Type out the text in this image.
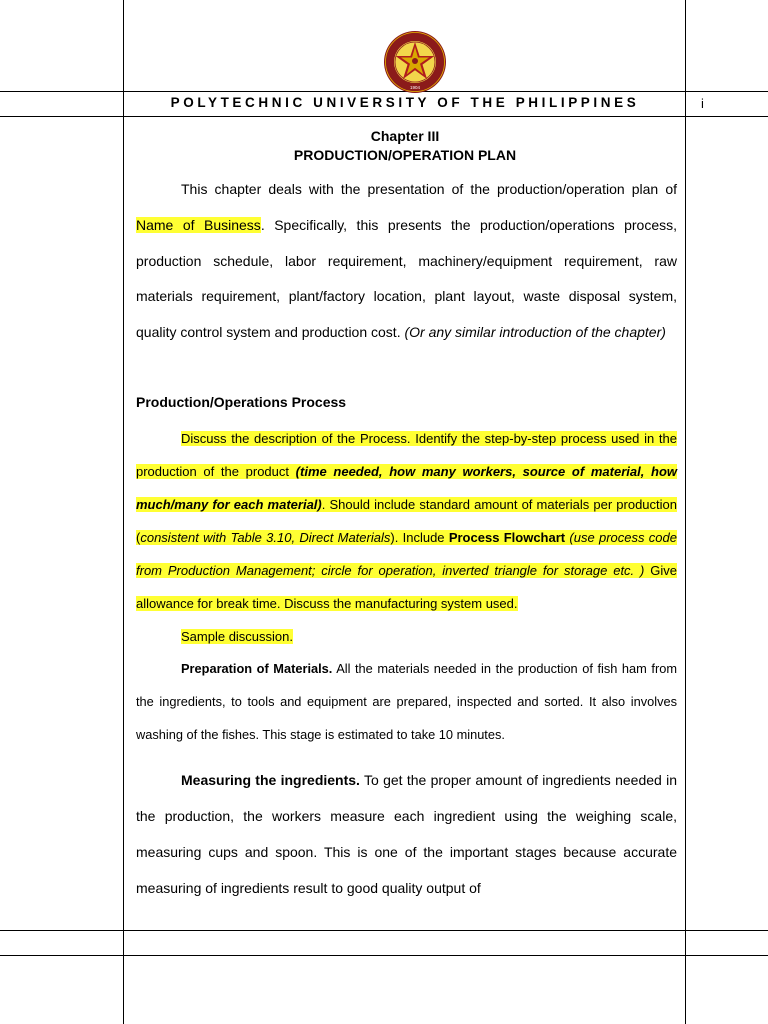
1904
POLYTECHNIC UNIVERSITY OF THE PHILIPPINES	i
Chapter III
PRODUCTION/OPERATION PLAN

This chapter deals with the presentation of the production/operation plan of Name of Business. Specifically, this presents the production/operations process, production schedule, labor requirement, machinery/equipment requirement, raw materials requirement, plant/factory location, plant layout, waste disposal system, quality control system and production cost. (Or any similar introduction of the chapter)

Production/Operations Process

Discuss the description of the Process. Identify the step-by-step process used in the production of the product (time needed, how many workers, source of material, how much/many for each material). Should include standard amount of materials per production (consistent with Table 3.10, Direct Materials). Include Process Flowchart (use process code from Production Management; circle for operation, inverted triangle for storage etc. ) Give allowance for break time. Discuss the manufacturing system used.

Sample discussion.

Preparation of Materials. All the materials needed in the production of fish ham from the ingredients, to tools and equipment are prepared, inspected and sorted. It also involves washing of the fishes. This stage is estimated to take 10 minutes.

Measuring the ingredients. To get the proper amount of ingredients needed in the production, the workers measure each ingredient using the weighing scale, measuring cups and spoon. This is one of the important stages because accurate measuring of ingredients result to good quality output of
